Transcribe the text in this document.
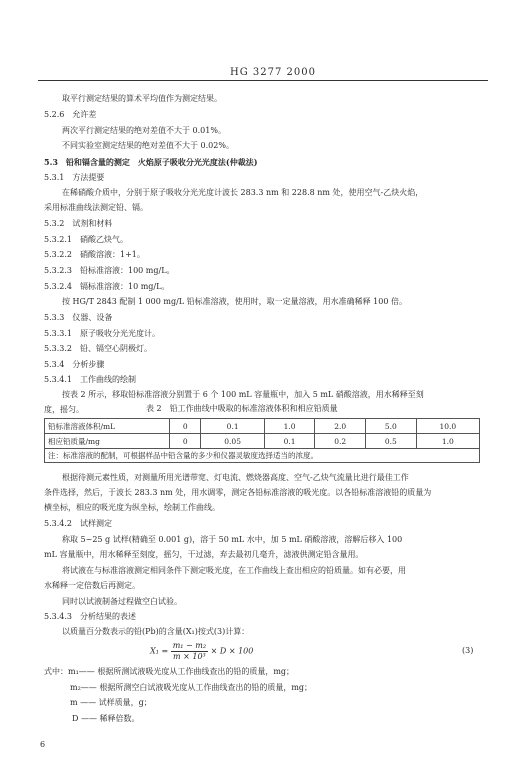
HG 3277 2000
取平行测定结果的算术平均值作为测定结果。
5.2.6　允许差
两次平行测定结果的绝对差值不大于 0.01%。
不同实验室测定结果的绝对差值不大于 0.02%。
5.3　铅和镉含量的测定　火焰原子吸收分光光度法(仲裁法)
5.3.1　方法提要
在稀硝酸介质中，分别于原子吸收分光光度计波长 283.3 nm 和 228.8 nm 处，使用空气-乙炔火焰，
采用标准曲线法测定铅、镉。
5.3.2　试剂和材料
5.3.2.1　硝酸乙炔气。
5.3.2.2　硝酸溶液：1+1。
5.3.2.3　铅标准溶液：100 mg/L。
5.3.2.4　镉标准溶液：10 mg/L。
按 HG/T 2843 配制 1 000 mg/L 铅标准溶液，使用时，取一定量溶液，用水准确稀释 100 倍。
5.3.3　仪器、设备
5.3.3.1　原子吸收分光光度计。
5.3.3.2　铅、镉空心阴极灯。
5.3.4　分析步骤
5.3.4.1　工作曲线的绘制
按表 2 所示，移取铅标准溶液分别置于 6 个 100 mL 容量瓶中，加入 5 mL 硝酸溶液，用水稀释至刻
度，摇匀。	表 2　铅工作曲线中吸取的标准溶液体积和相应铅质量
铅标准溶液体积/mL	0	0.1	1.0	2.0	5.0	10.0
相应铅质量/mg	0	0.05	0.1	0.2	0.5	1.0
注：标准溶液的配制，可根据样品中铅含量的多少和仪器灵敏度选择适当的浓度。						
根据待测元素性质，对测量所用光谱带宽、灯电流、燃烧器高度、空气-乙炔气流量比进行最佳工作
条件选择，然后，于波长 283.3 nm 处，用水调零，测定各铅标准溶液的吸光度。以各铅标准溶液铅的质量为
横坐标，相应的吸光度为纵坐标，绘制工作曲线。
5.3.4.2　试样测定
称取 5~25 g 试样(精确至 0.001 g)，溶于 50 mL 水中，加 5 mL 硝酸溶液，溶解后移入 100
mL 容量瓶中，用水稀释至刻度，摇匀，干过滤，弃去最初几毫升，滤液供测定铅含量用。
将试液在与标准溶液测定相同条件下测定吸光度，在工作曲线上查出相应的铅质量。如有必要，用
水稀释一定倍数后再测定。
同时以试液制备过程做空白试验。
5.3.4.3　分析结果的表述
以质量百分数表示的铅(Pb)的含量(X₁)按式(3)计算：
$X_1 = \frac{\text{m₁ − m₂}}{\text{m × 10³}} \times D \times 100$	(3)
式中：m₁—— 根据所测试液吸光度从工作曲线查出的铅的质量，mg；
m₂—— 根据所测空白试液吸光度从工作曲线查出的铅的质量，mg；
m —— 试样质量，g；
D —— 稀释倍数。
6
